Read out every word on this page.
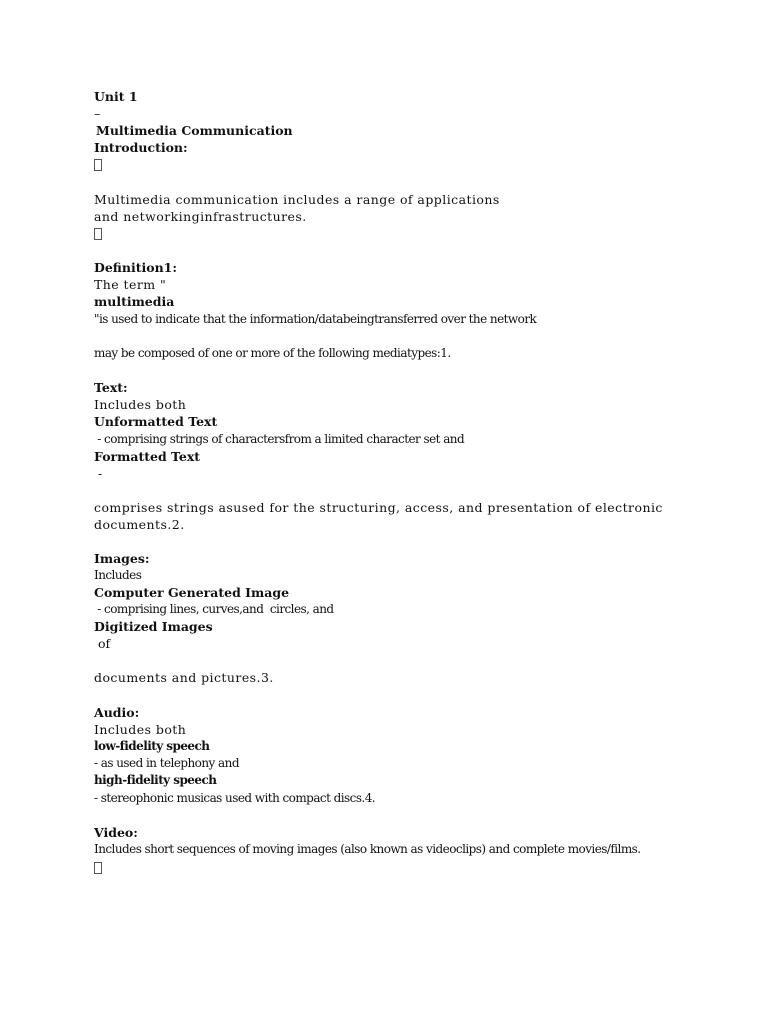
Unit 1

–

Multimedia Communication

Introduction:

Multimedia communication includes a range of applications

and networkinginfrastructures.

Definition1:

The term "

multimedia

"is used to indicate that the information/databeingtransferred over the network

may be composed of one or more of the following mediatypes:1.

Text:

Includes both

Unformatted Text

- comprising strings of charactersfrom a limited character set and

Formatted Text

-

comprises strings asused for the structuring, access, and presentation of electronic

documents.2.

Images:

Includes

Computer Generated Image

- comprising lines, curves,and  circles, and

Digitized Images

of

documents and pictures.3.

Audio:

Includes both

low-fidelity speech

- as used in telephony and

high-fidelity speech

- stereophonic musicas used with compact discs.4.

Video:

Includes short sequences of moving images (also known as videoclips) and complete movies/films.
